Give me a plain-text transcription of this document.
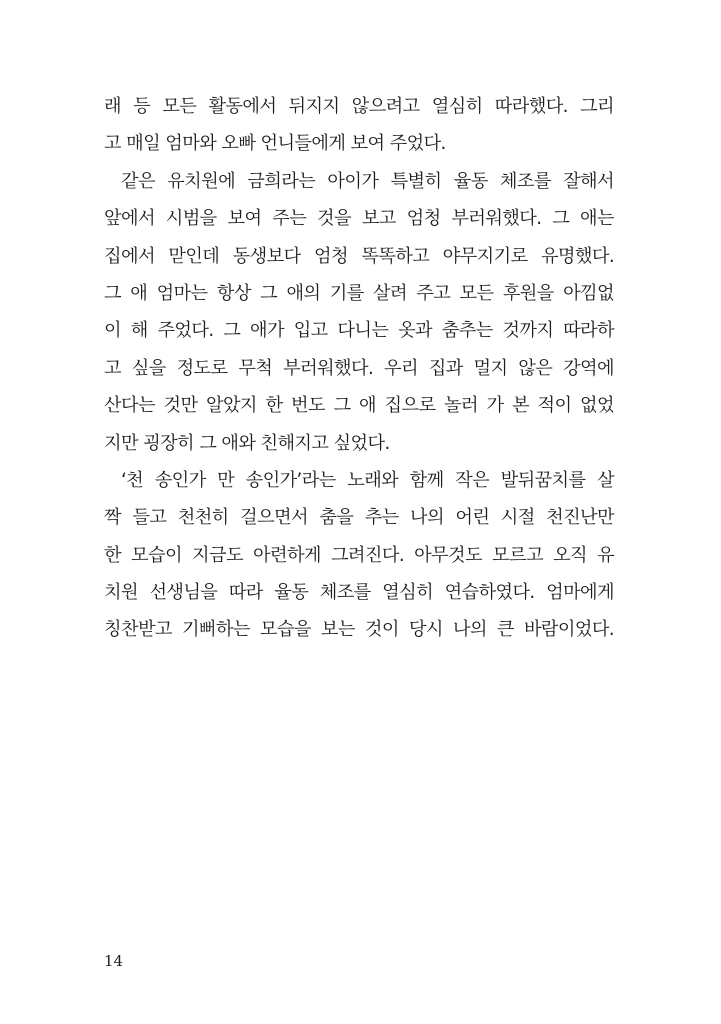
래 등 모든 활동에서 뒤지지 않으려고 열심히 따라했다. 그리
고 매일 엄마와 오빠 언니들에게 보여 주었다.
같은 유치원에 금희라는 아이가 특별히 율동 체조를 잘해서
앞에서 시범을 보여 주는 것을 보고 엄청 부러워했다. 그 애는
집에서 맏인데 동생보다 엄청 똑똑하고 야무지기로 유명했다.
그 애 엄마는 항상 그 애의 기를 살려 주고 모든 후원을 아낌없
이 해 주었다. 그 애가 입고 다니는 옷과 춤추는 것까지 따라하
고 싶을 정도로 무척 부러워했다. 우리 집과 멀지 않은 강역에
산다는 것만 알았지 한 번도 그 애 집으로 놀러 가 본 적이 없었
지만 굉장히 그 애와 친해지고 싶었다.
‘천 송인가 만 송인가’라는 노래와 함께 작은 발뒤꿈치를 살
짝 들고 천천히 걸으면서 춤을 추는 나의 어린 시절 천진난만
한 모습이 지금도 아련하게 그려진다. 아무것도 모르고 오직 유
치원 선생님을 따라 율동 체조를 열심히 연습하였다. 엄마에게
칭찬받고 기뻐하는 모습을 보는 것이 당시 나의 큰 바람이었다.
14
